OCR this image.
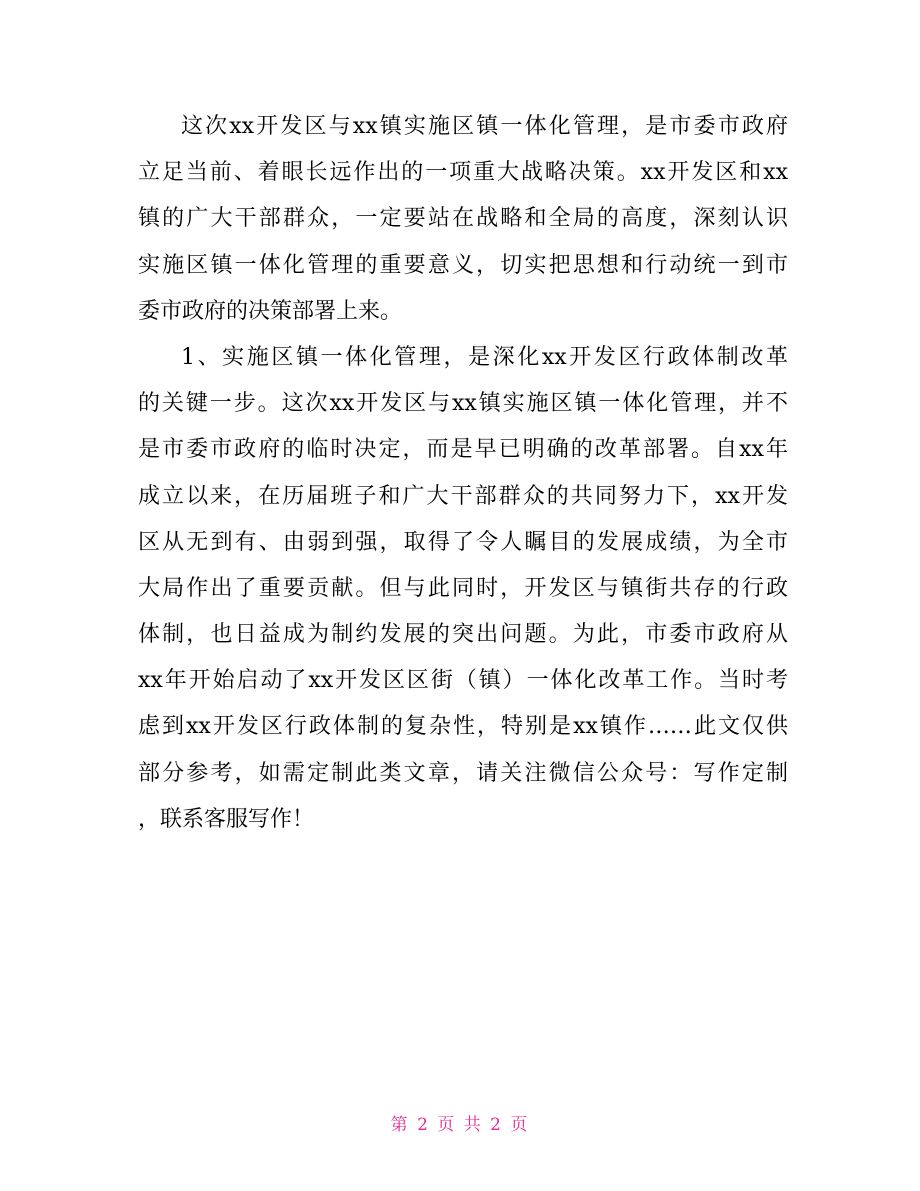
这次xx开发区与xx镇实施区镇一体化管理，是市委市政府
立足当前、着眼长远作出的一项重大战略决策。xx开发区和xx
镇的广大干部群众，一定要站在战略和全局的高度，深刻认识
实施区镇一体化管理的重要意义，切实把思想和行动统一到市
委市政府的决策部署上来。
1、实施区镇一体化管理，是深化xx开发区行政体制改革
的关键一步。这次xx开发区与xx镇实施区镇一体化管理，并不
是市委市政府的临时决定，而是早已明确的改革部署。自xx年
成立以来，在历届班子和广大干部群众的共同努力下，xx开发
区从无到有、由弱到强，取得了令人瞩目的发展成绩，为全市
大局作出了重要贡献。但与此同时，开发区与镇街共存的行政
体制，也日益成为制约发展的突出问题。为此，市委市政府从
xx年开始启动了xx开发区区街（镇）一体化改革工作。当时考
虑到xx开发区行政体制的复杂性，特别是xx镇作……此文仅供
部分参考，如需定制此类文章，请关注微信公众号：写作定制
，联系客服写作！
第 2 页 共 2 页
